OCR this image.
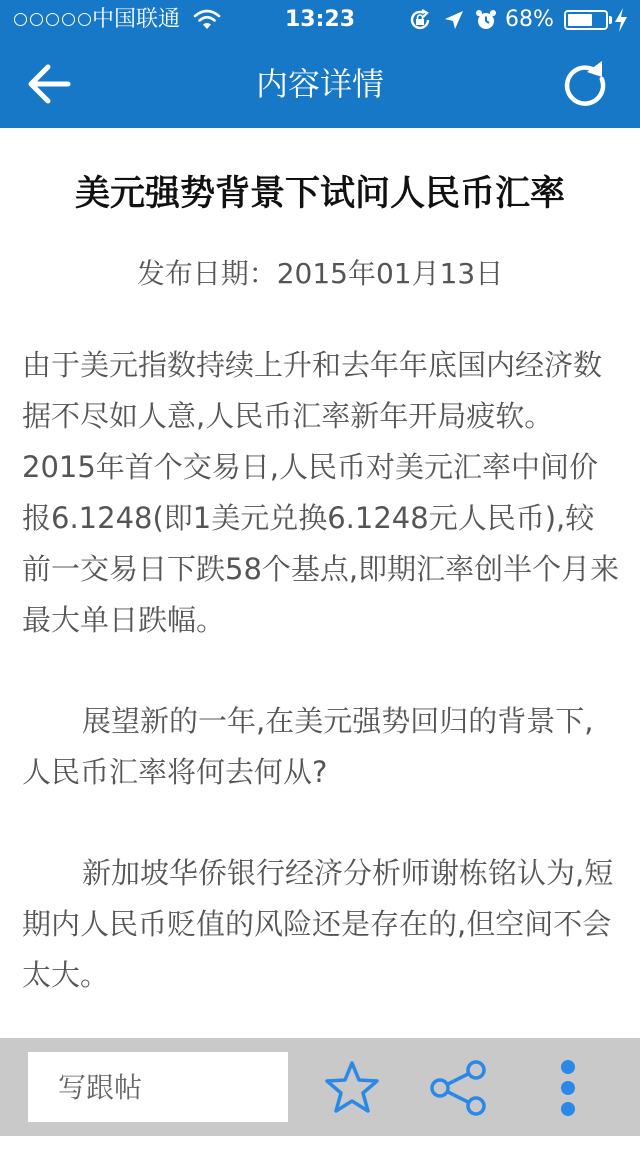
中国联通	13:23	68%
内容详情
美元强势背景下试问人民币汇率
发布日期：2015年01月13日

由于美元指数持续上升和去年年底国内经济数据不尽如人意,人民币汇率新年开局疲软。2015年首个交易日,人民币对美元汇率中间价报6.1248(即1美元兑换6.1248元人民币),较前一交易日下跌58个基点,即期汇率创半个月来最大单日跌幅。

展望新的一年,在美元强势回归的背景下,人民币汇率将何去何从?

新加坡华侨银行经济分析师谢栋铭认为,短期内人民币贬值的风险还是存在的,但空间不会太大。

写跟帖
